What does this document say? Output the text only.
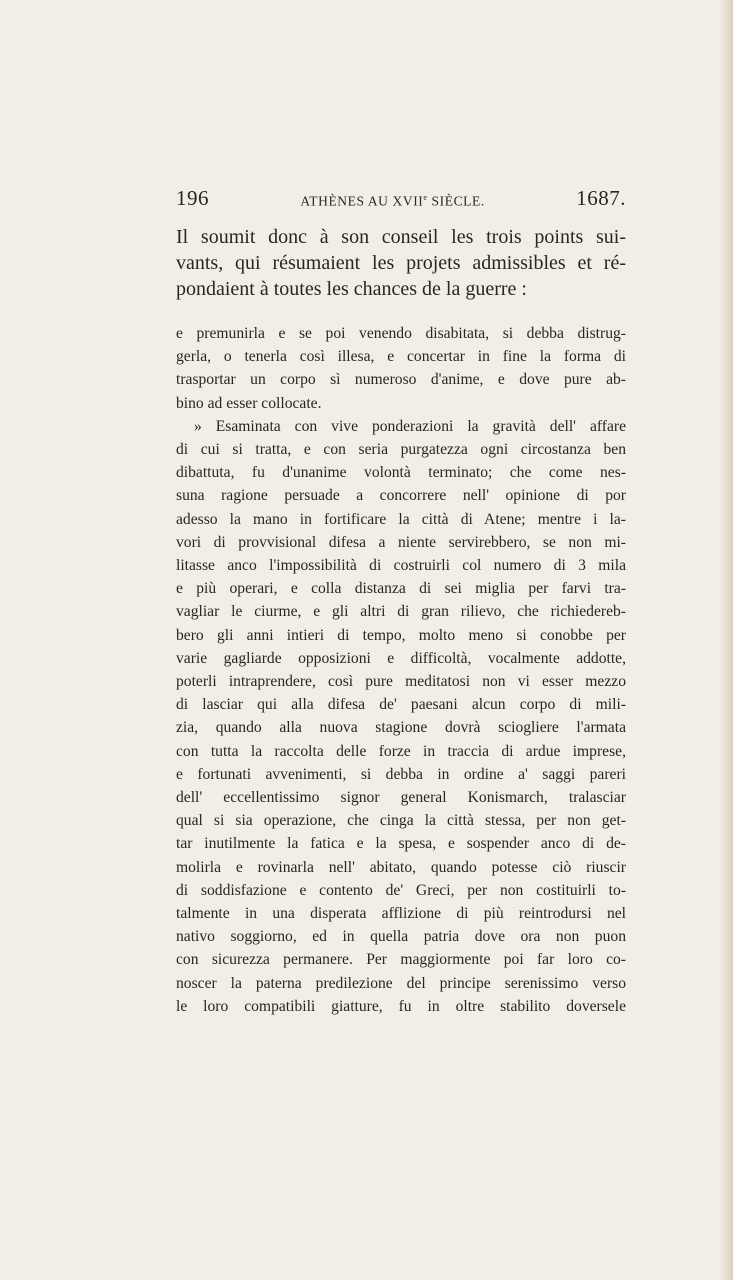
196	ATHÈNES AU XVIIe SIÈCLE.	1687.
Il soumit donc à son conseil les trois points sui-
vants, qui résumaient les projets admissibles et ré-
pondaient à toutes les chances de la guerre :
e premunirla e se poi venendo disabitata, si debba distrug-
gerla, o tenerla così illesa, e concertar in fine la forma di
trasportar un corpo sì numeroso d'anime, e dove pure ab-
bino ad esser collocate.
» Esaminata con vive ponderazioni la gravità dell' affare
di cui si tratta, e con seria purgatezza ogni circostanza ben
dibattuta, fu d'unanime volontà terminato; che come nes-
suna ragione persuade a concorrere nell' opinione di por
adesso la mano in fortificare la città di Atene; mentre i la-
vori di provvisional difesa a niente servirebbero, se non mi-
litasse anco l'impossibilità di costruirli col numero di 3 mila
e più operari, e colla distanza di sei miglia per farvi tra-
vagliar le ciurme, e gli altri di gran rilievo, che richiedereb-
bero gli anni intieri di tempo, molto meno si conobbe per
varie gagliarde opposizioni e difficoltà, vocalmente addotte,
poterli intraprendere, così pure meditatosi non vi esser mezzo
di lasciar qui alla difesa de' paesani alcun corpo di mili-
zia, quando alla nuova stagione dovrà sciogliere l'armata
con tutta la raccolta delle forze in traccia di ardue imprese,
e fortunati avvenimenti, si debba in ordine a' saggi pareri
dell' eccellentissimo signor general Konismarch, tralasciar
qual si sia operazione, che cinga la città stessa, per non get-
tar inutilmente la fatica e la spesa, e sospender anco di de-
molirla e rovinarla nell' abitato, quando potesse ciò riuscir
di soddisfazione e contento de' Greci, per non costituirli to-
talmente in una disperata afflizione di più reintrodursi nel
nativo soggiorno, ed in quella patria dove ora non puon
con sicurezza permanere. Per maggiormente poi far loro co-
noscer la paterna predilezione del principe serenissimo verso
le loro compatibili giatture, fu in oltre stabilito doversele
